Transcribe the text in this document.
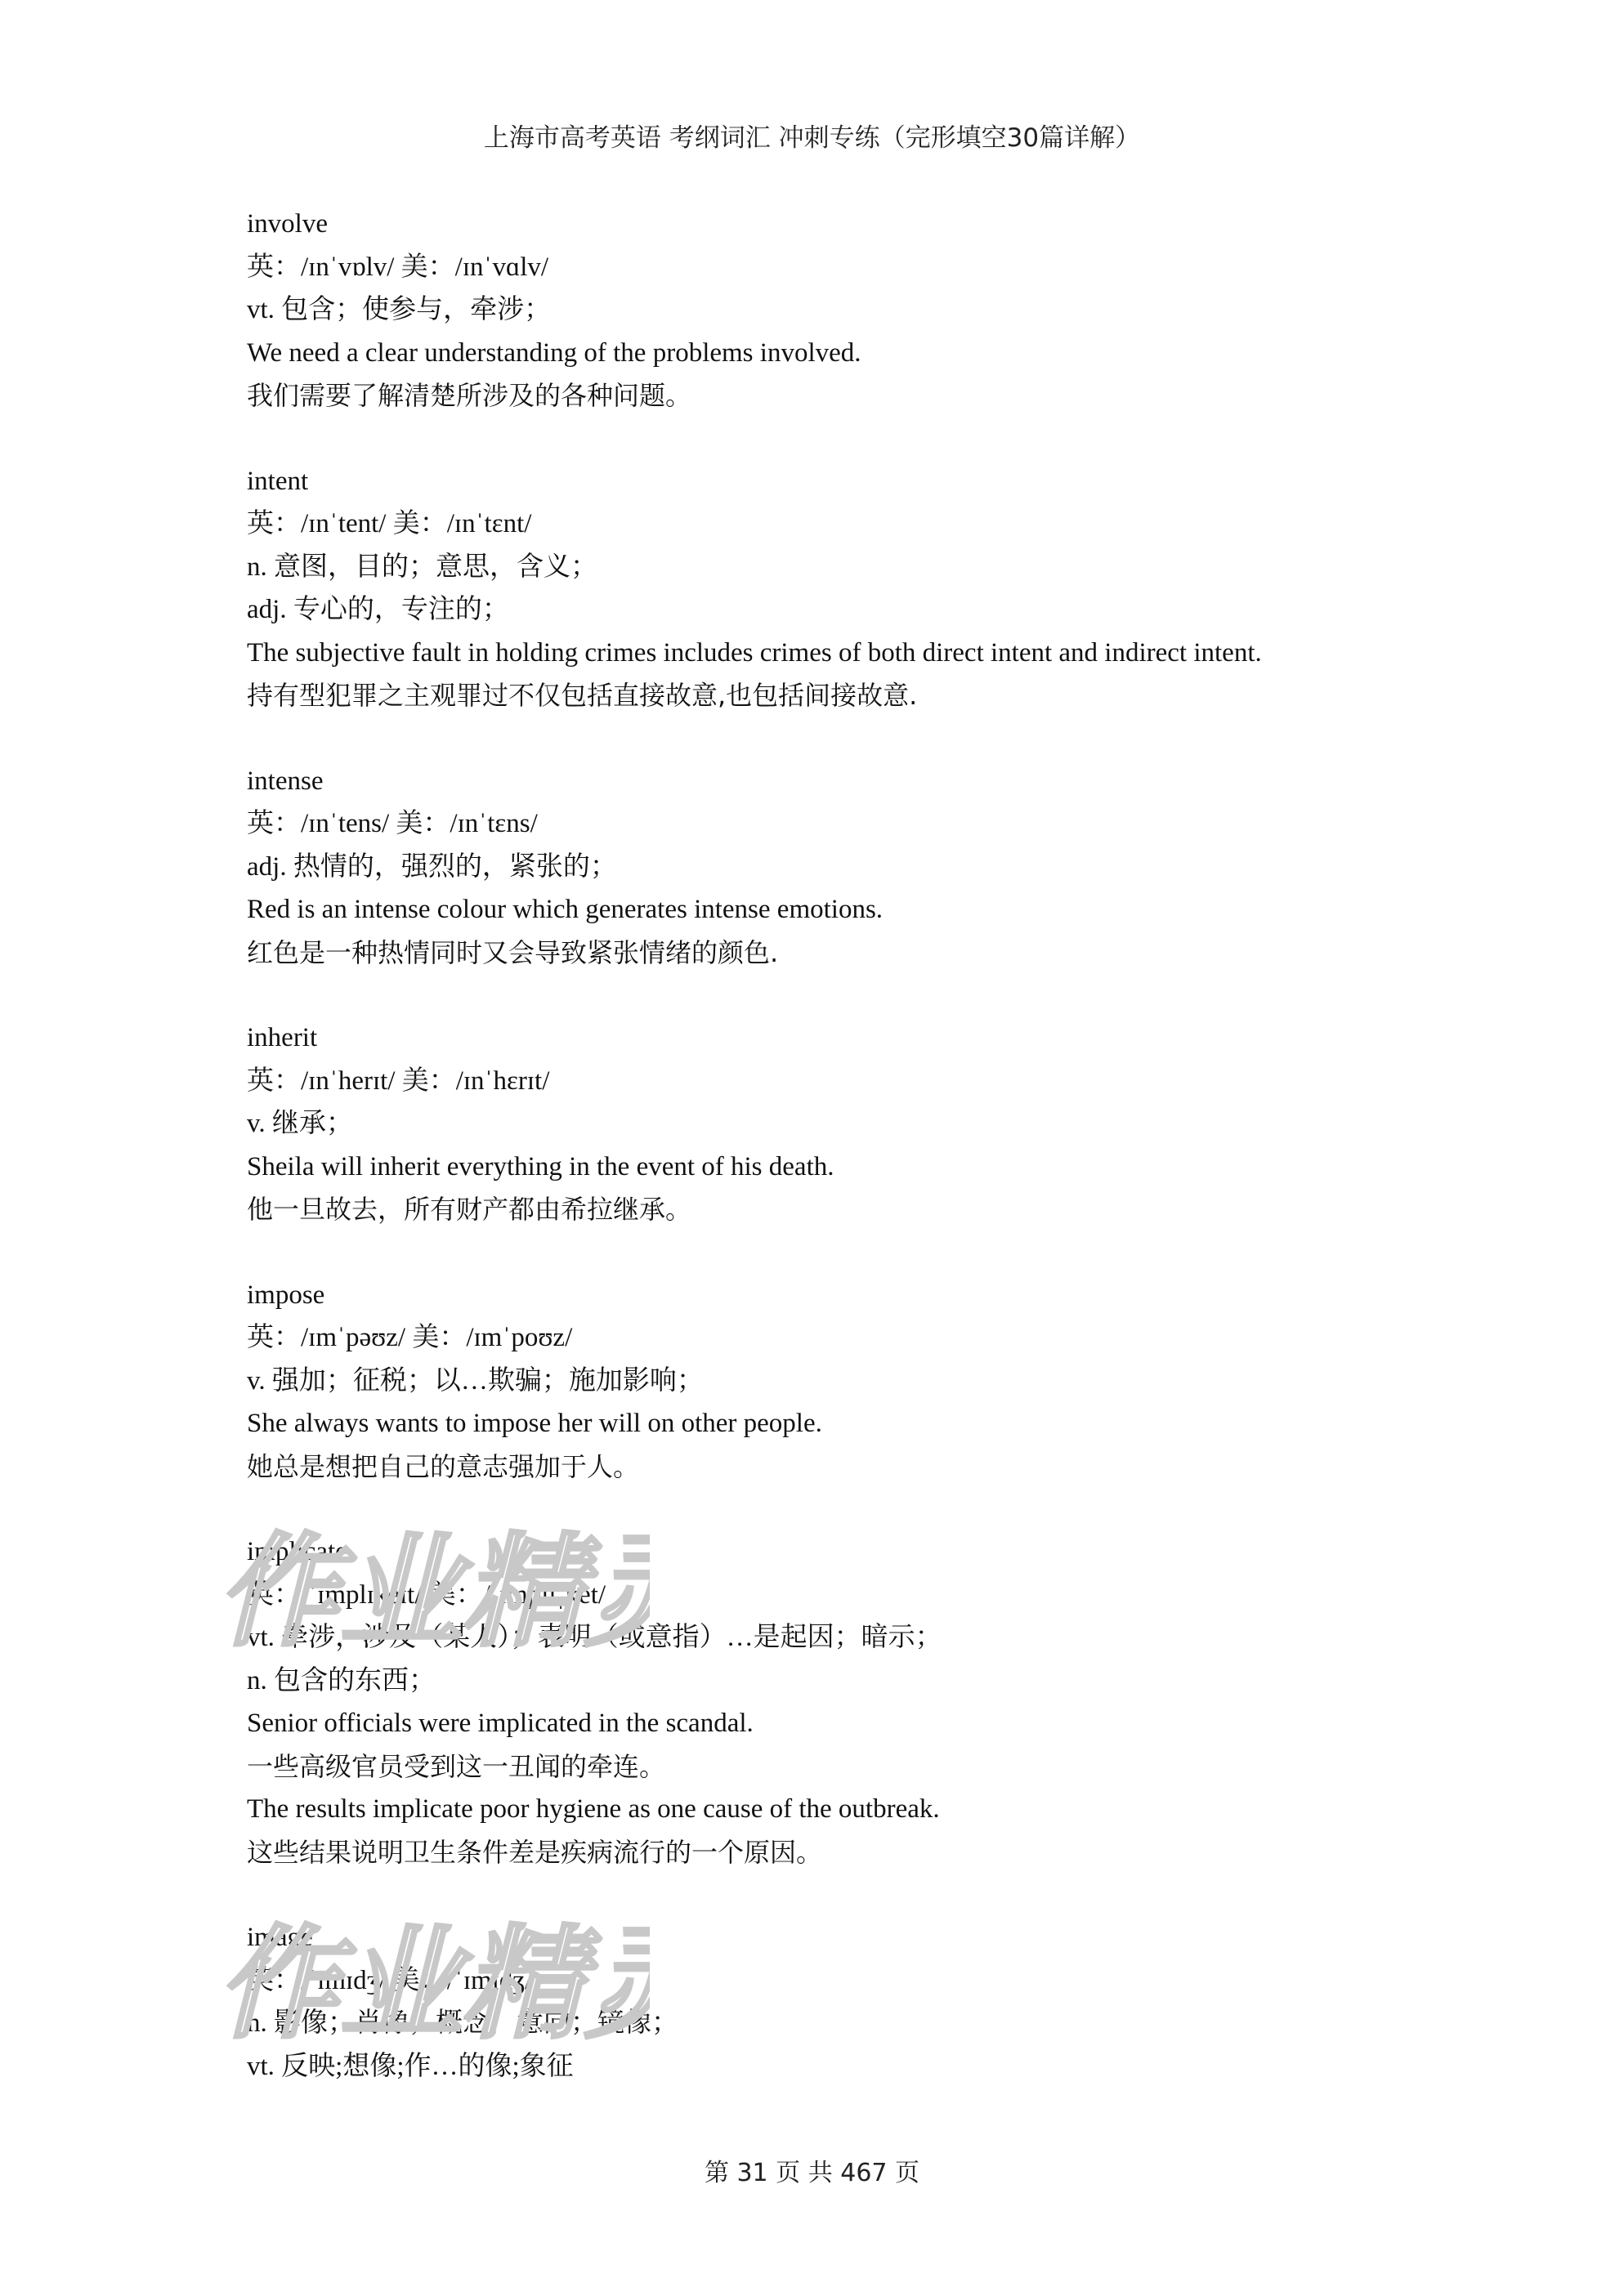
上海市高考英语 考纲词汇 冲刺专练（完形填空30篇详解）
involve
英：/ɪnˈvɒlv/ 美：/ɪnˈvɑlv/
vt. 包含；使参与，牵涉；
We need a clear understanding of the problems involved.
我们需要了解清楚所涉及的各种问题。
intent
英：/ɪnˈtent/ 美：/ɪnˈtɛnt/
n. 意图，目的；意思，含义；
adj. 专心的，专注的；
The subjective fault in holding crimes includes crimes of both direct intent and indirect intent.
持有型犯罪之主观罪过不仅包括直接故意,也包括间接故意.
intense
英：/ɪnˈtens/ 美：/ɪnˈtɛns/
adj. 热情的，强烈的，紧张的；
Red is an intense colour which generates intense emotions.
红色是一种热情同时又会导致紧张情绪的颜色.
inherit
英：/ɪnˈherɪt/ 美：/ɪnˈhɛrɪt/
v. 继承；
Sheila will inherit everything in the event of his death.
他一旦故去，所有财产都由希拉继承。
impose
英：/ɪmˈpəʊz/ 美：/ɪmˈpoʊz/
v. 强加；征税；以…欺骗；施加影响；
She always wants to impose her will on other people.
她总是想把自己的意志强加于人。
implicate
英：/ˈɪmplɪkeɪt/ 美：/ˈɪmplɪˌket/
vt. 牵涉，涉及（某人）；表明（或意指）…是起因；暗示；
n. 包含的东西；
Senior officials were implicated in the scandal.
一些高级官员受到这一丑闻的牵连。
The results implicate poor hygiene as one cause of the outbreak.
这些结果说明卫生条件差是疾病流行的一个原因。
image
英：/ˈɪmɪdʒ/ 美：/ˈɪmɪdʒ/
n. 影像；肖像；概念，意向；镜像；
vt. 反映;想像;作…的像;象征
作业精
作业精
第 31 页 共 467 页
